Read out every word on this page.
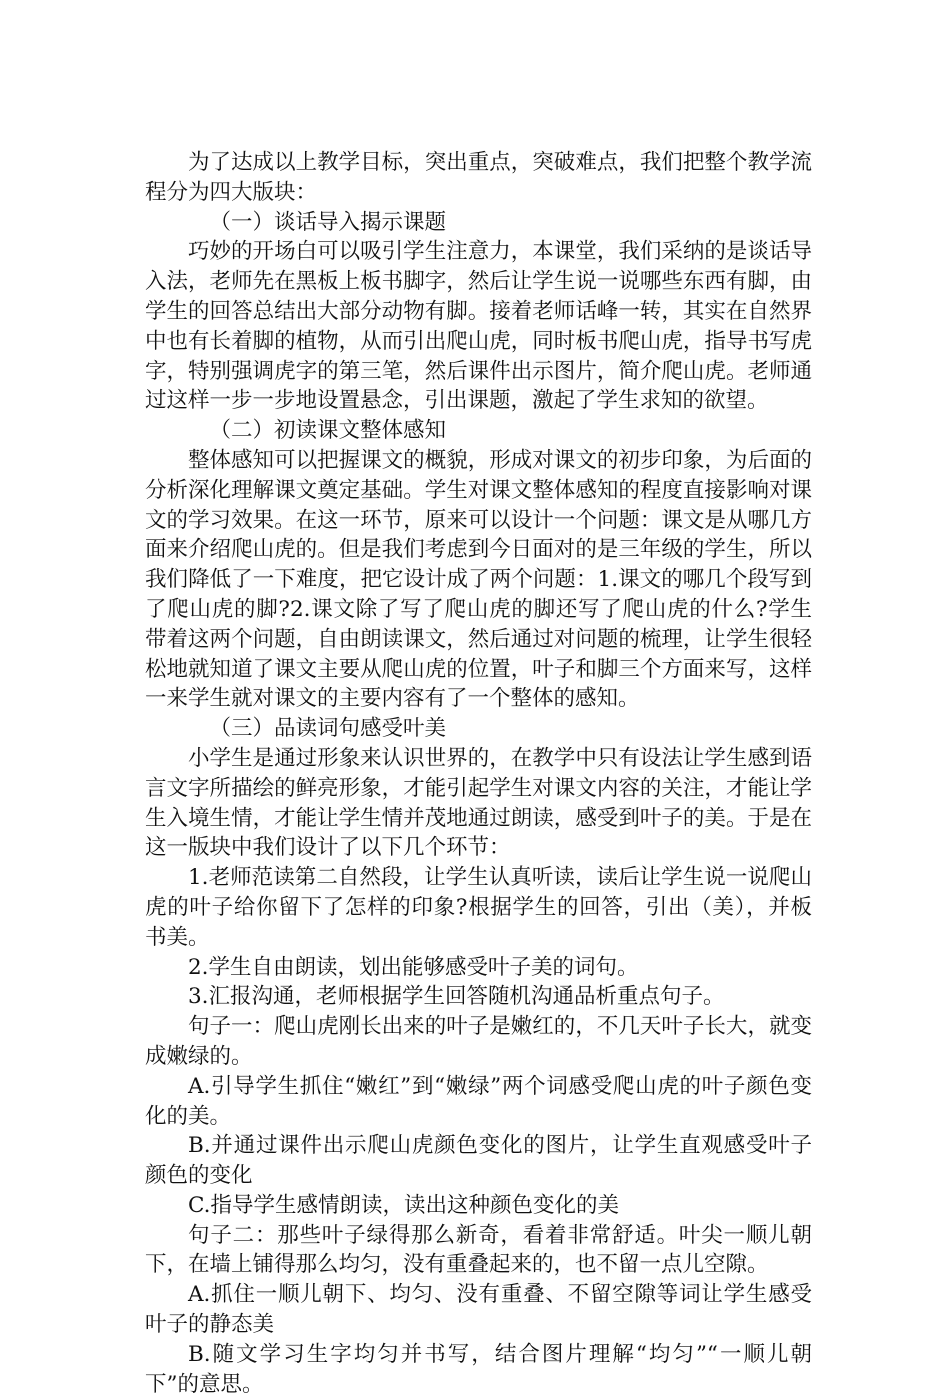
为了达成以上教学目标，突出重点，突破难点，我们把整个教学流程分为四大版块：

（一）谈话导入揭示课题

巧妙的开场白可以吸引学生注意力，本课堂，我们采纳的是谈话导入法，老师先在黑板上板书脚字，然后让学生说一说哪些东西有脚，由学生的回答总结出大部分动物有脚。接着老师话峰一转，其实在自然界中也有长着脚的植物，从而引出爬山虎，同时板书爬山虎，指导书写虎字，特别强调虎字的第三笔，然后课件出示图片，简介爬山虎。老师通过这样一步一步地设置悬念，引出课题，激起了学生求知的欲望。

（二）初读课文整体感知

整体感知可以把握课文的概貌，形成对课文的初步印象，为后面的分析深化理解课文奠定基础。学生对课文整体感知的程度直接影响对课文的学习效果。在这一环节，原来可以设计一个问题：课文是从哪几方面来介绍爬山虎的。但是我们考虑到今日面对的是三年级的学生，所以我们降低了一下难度，把它设计成了两个问题：1.课文的哪几个段写到了爬山虎的脚?2.课文除了写了爬山虎的脚还写了爬山虎的什么?学生带着这两个问题，自由朗读课文，然后通过对问题的梳理，让学生很轻松地就知道了课文主要从爬山虎的位置，叶子和脚三个方面来写，这样一来学生就对课文的主要内容有了一个整体的感知。

（三）品读词句感受叶美

小学生是通过形象来认识世界的，在教学中只有设法让学生感到语言文字所描绘的鲜亮形象，才能引起学生对课文内容的关注，才能让学生入境生情，才能让学生情并茂地通过朗读，感受到叶子的美。于是在这一版块中我们设计了以下几个环节：

1.老师范读第二自然段，让学生认真听读，读后让学生说一说爬山虎的叶子给你留下了怎样的印象?根据学生的回答，引出（美），并板书美。

2.学生自由朗读，划出能够感受叶子美的词句。

3.汇报沟通，老师根据学生回答随机沟通品析重点句子。

句子一：爬山虎刚长出来的叶子是嫩红的，不几天叶子长大，就变成嫩绿的。

A.引导学生抓住“嫩红”到“嫩绿”两个词感受爬山虎的叶子颜色变化的美。

B.并通过课件出示爬山虎颜色变化的图片，让学生直观感受叶子颜色的变化

C.指导学生感情朗读，读出这种颜色变化的美

句子二：那些叶子绿得那么新奇，看着非常舒适。叶尖一顺儿朝下，在墙上铺得那么均匀，没有重叠起来的，也不留一点儿空隙。

A.抓住一顺儿朝下、均匀、没有重叠、不留空隙等词让学生感受叶子的静态美

B.随文学习生字均匀并书写，结合图片理解“均匀”“一顺儿朝下”的意思。
